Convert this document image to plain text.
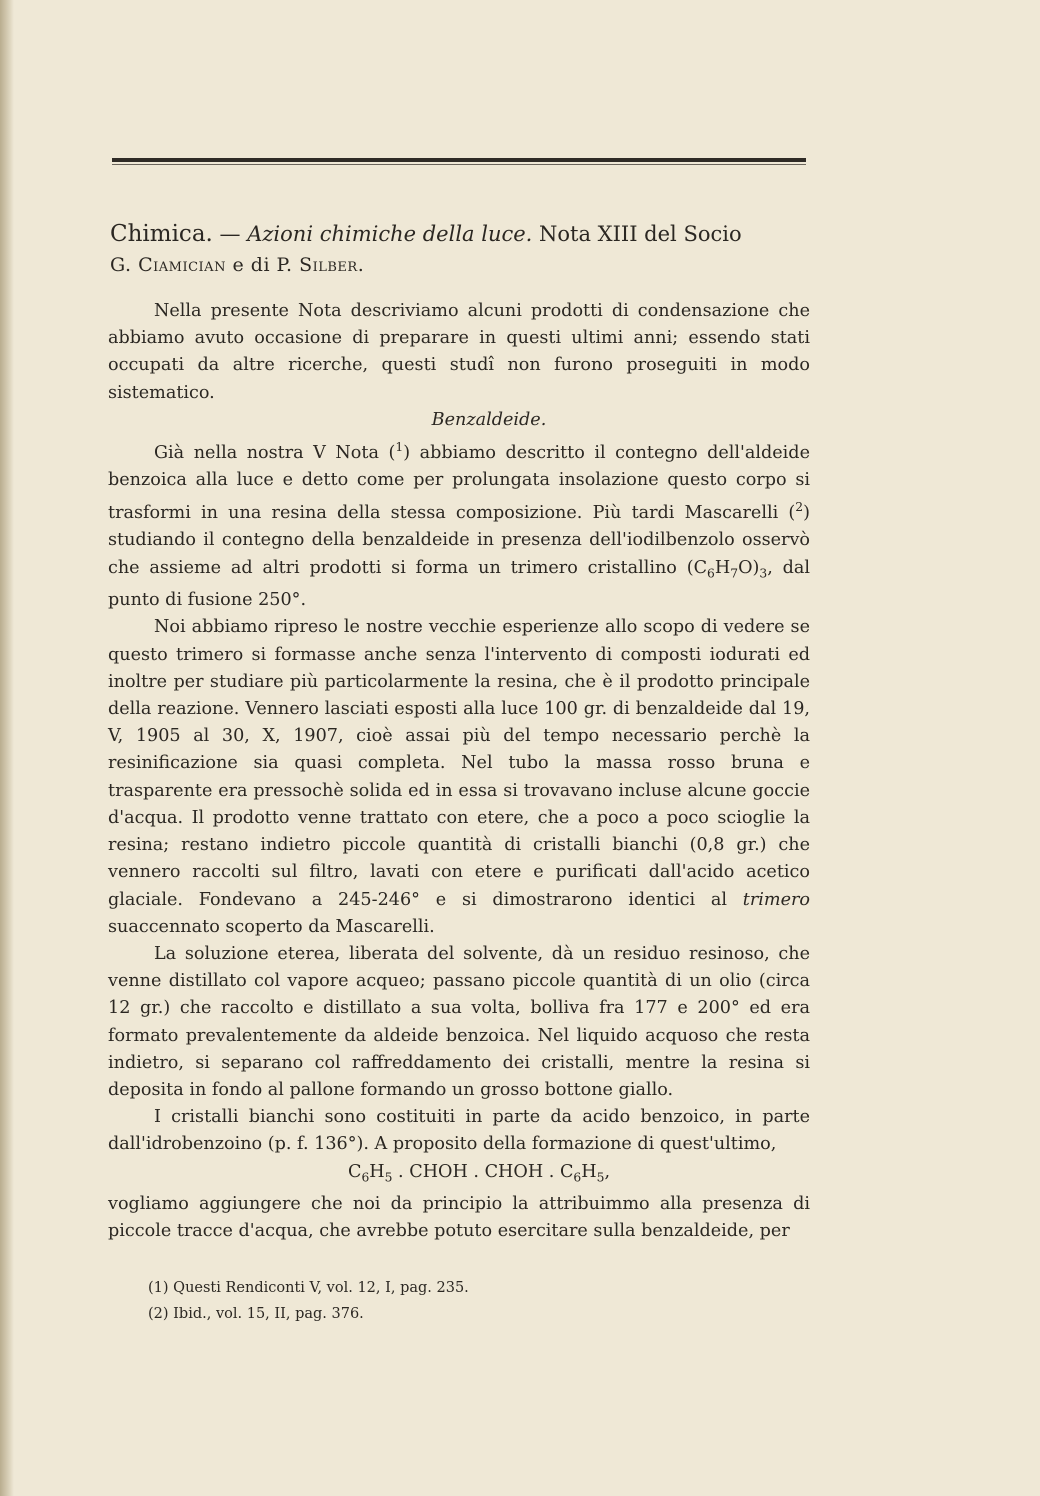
Chimica. — Azioni chimiche della luce. Nota XIII del Socio
G. Ciamician e di P. Silber.

Nella presente Nota descriviamo alcuni prodotti di condensazione che abbiamo avuto occasione di preparare in questi ultimi anni; essendo stati occupati da altre ricerche, questi studî non furono proseguiti in modo sistematico.

Benzaldeide.

Già nella nostra V Nota ($^1$) abbiamo descritto il contegno dell'aldeide benzoica alla luce e detto come per prolungata insolazione questo corpo si trasformi in una resina della stessa composizione. Più tardi Mascarelli ($^2$) studiando il contegno della benzaldeide in presenza dell'iodilbenzolo osservò che assieme ad altri prodotti si forma un trimero cristallino $(C_6H_7O)_3$, dal punto di fusione 250°.

Noi abbiamo ripreso le nostre vecchie esperienze allo scopo di vedere se questo trimero si formasse anche senza l'intervento di composti iodurati ed inoltre per studiare più particolarmente la resina, che è il prodotto principale della reazione. Vennero lasciati esposti alla luce 100 gr. di benzaldeide dal 19, V, 1905 al 30, X, 1907, cioè assai più del tempo necessario perchè la resinificazione sia quasi completa. Nel tubo la massa rosso bruna e trasparente era pressochè solida ed in essa si trovavano incluse alcune goccie d'acqua. Il prodotto venne trattato con etere, che a poco a poco scioglie la resina; restano indietro piccole quantità di cristalli bianchi (0,8 gr.) che vennero raccolti sul filtro, lavati con etere e purificati dall'acido acetico glaciale. Fondevano a 245-246° e si dimostrarono identici al trimero suaccennato scoperto da Mascarelli.

La soluzione eterea, liberata del solvente, dà un residuo resinoso, che venne distillato col vapore acqueo; passano piccole quantità di un olio (circa 12 gr.) che raccolto e distillato a sua volta, bolliva fra 177 e 200° ed era formato prevalentemente da aldeide benzoica. Nel liquido acquoso che resta indietro, si separano col raffreddamento dei cristalli, mentre la resina si deposita in fondo al pallone formando un grosso bottone giallo.

I cristalli bianchi sono costituiti in parte da acido benzoico, in parte dall'idrobenzoino (p. f. 136°). A proposito della formazione di quest'ultimo,

$C_6H_5$ . CHOH . CHOH . $C_6H_5$,

vogliamo aggiungere che noi da principio la attribuimmo alla presenza di piccole tracce d'acqua, che avrebbe potuto esercitare sulla benzaldeide, per

(1) Questi Rendiconti V, vol. 12, I, pag. 235.
(2) Ibid., vol. 15, II, pag. 376.
